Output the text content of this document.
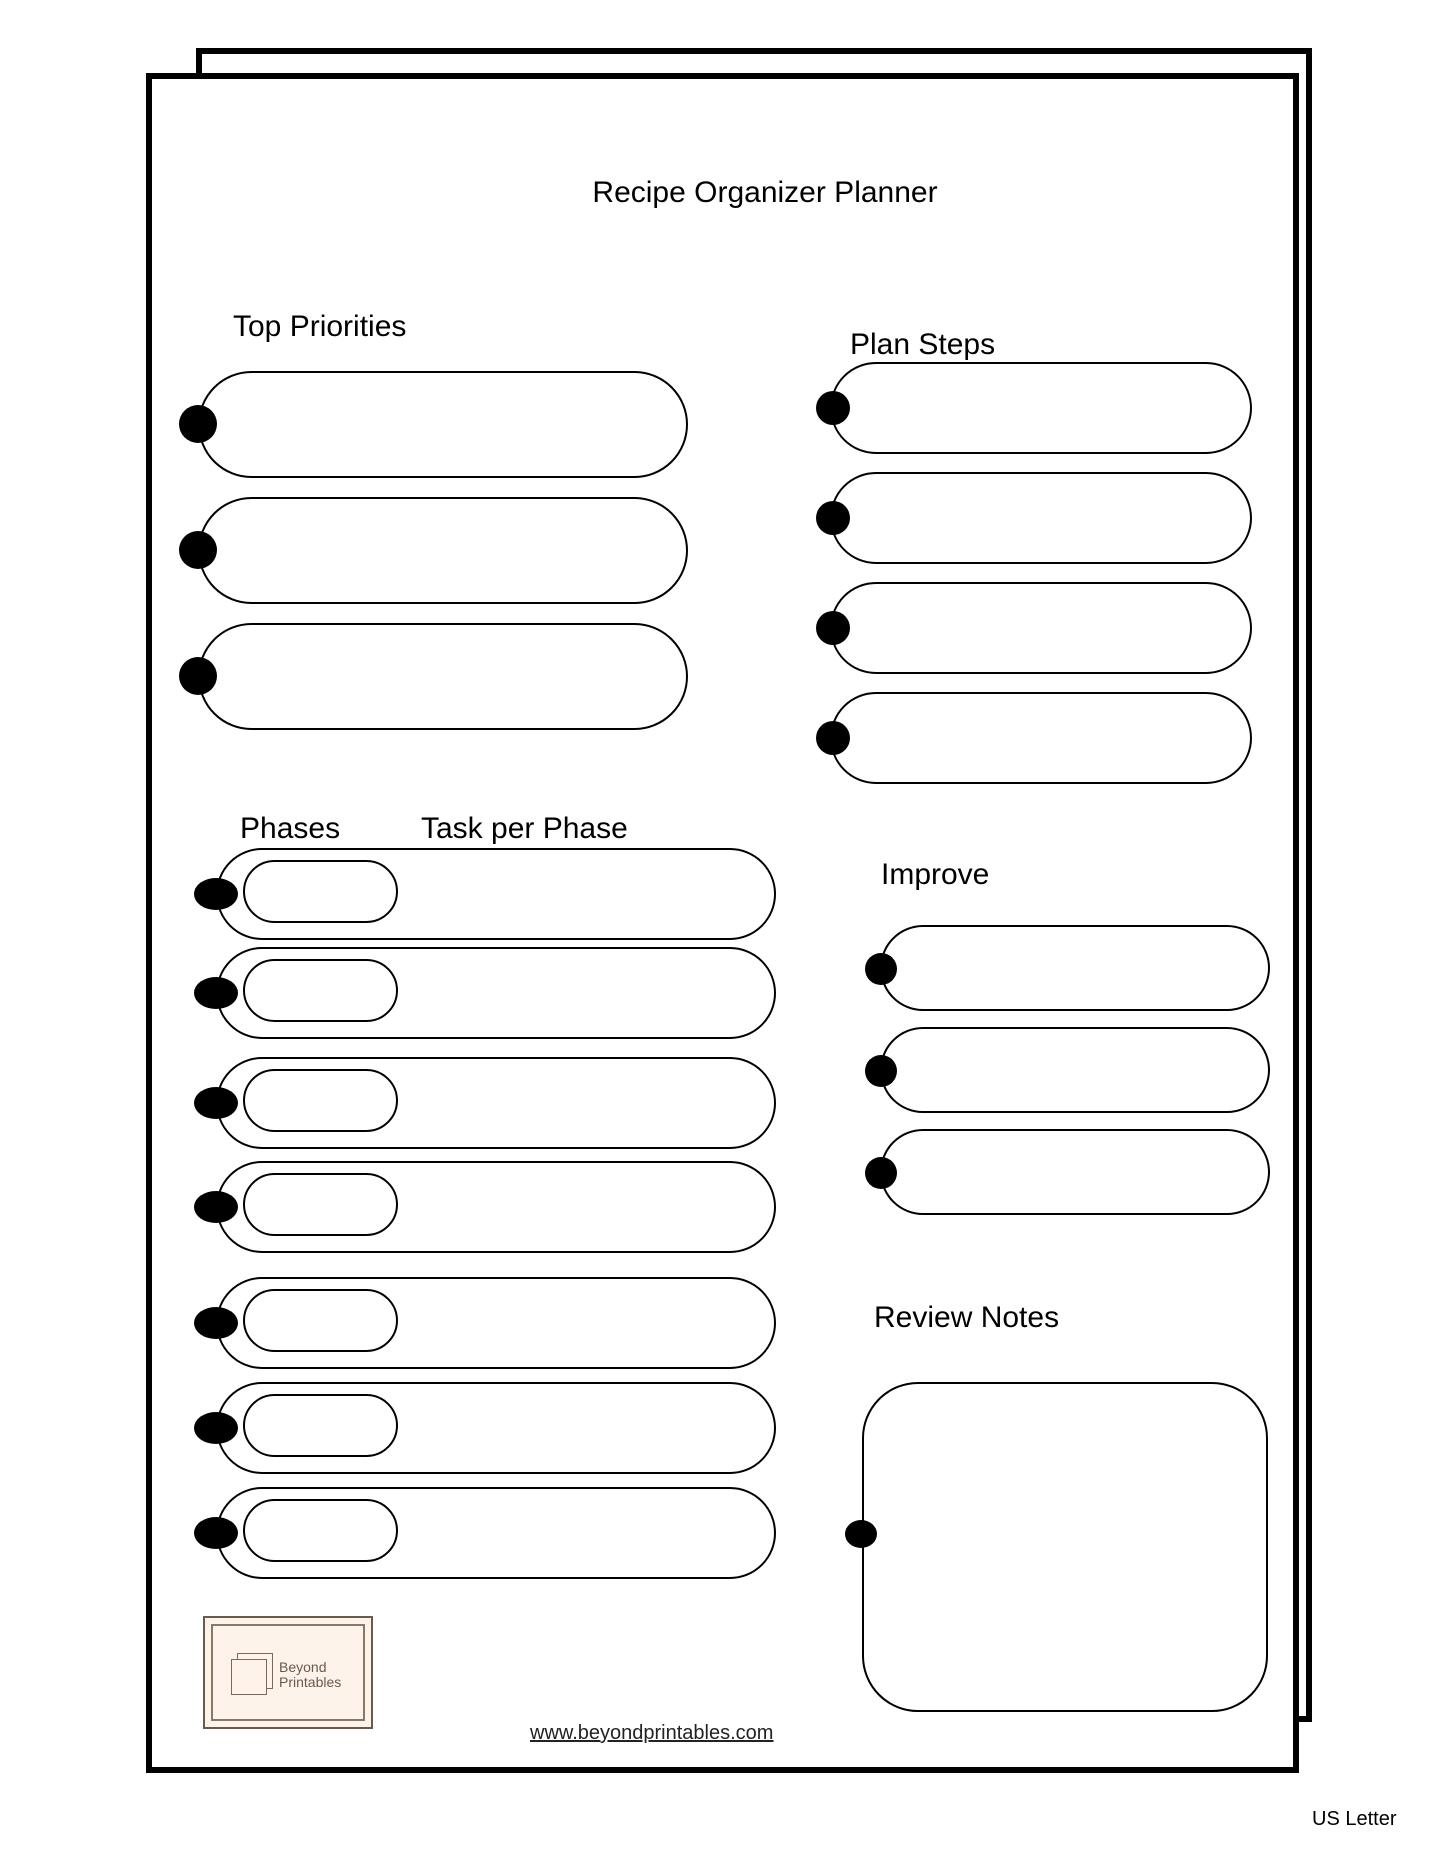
Recipe Organizer Planner
Top Priorities
Plan Steps
Phases	Task per Phase
Improve
Review Notes
Beyond
Printables
www.beyondprintables.com
US Letter
